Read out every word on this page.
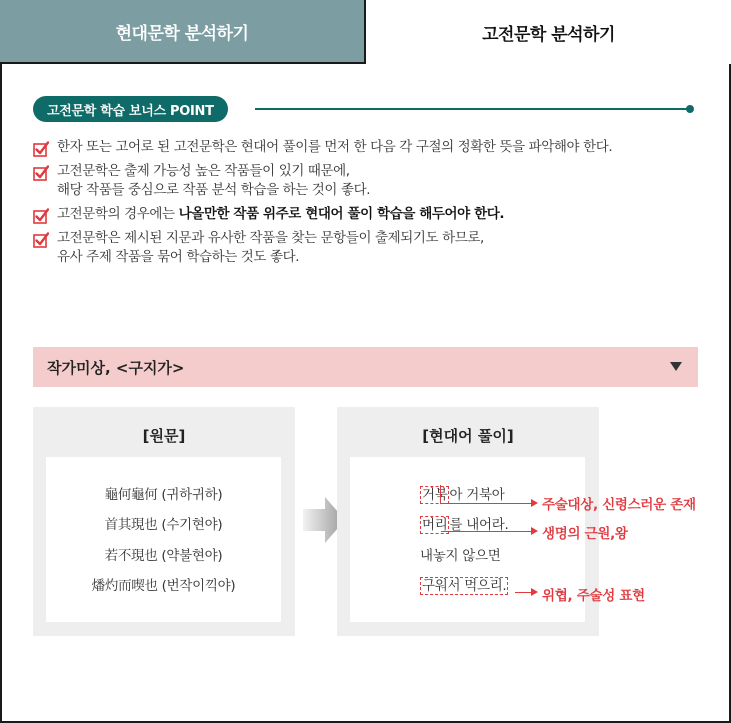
현대문학 분석하기	고전문학 분석하기
고전문학 학습 보너스 POINT
한자 또는 고어로 된 고전문학은 현대어 풀이를 먼저 한 다음 각 구절의 정확한 뜻을 파악해야 한다.
고전문학은 출제 가능성 높은 작품들이 있기 때문에,
해당 작품들 중심으로 작품 분석 학습을 하는 것이 좋다.
고전문학의 경우에는 나올만한 작품 위주로 현대어 풀이 학습을 해두어야 한다.
고전문학은 제시된 지문과 유사한 작품을 찾는 문항들이 출제되기도 하므로,
유사 주제 작품을 묶어 학습하는 것도 좋다.
작가미상, <구지가>
[원문]
龜何龜何 (귀하귀하)
首其現也 (수기현야)
若不現也 (약불현야)
燔灼而喫也 (번작이끽야)
[현대어 풀이]
거북 아 거북아
머리 를 내어라.
내놓지 않으면
구워서 먹으리.
주술대상, 신령스러운 존재
생명의 근원,왕
위협, 주술성 표현
